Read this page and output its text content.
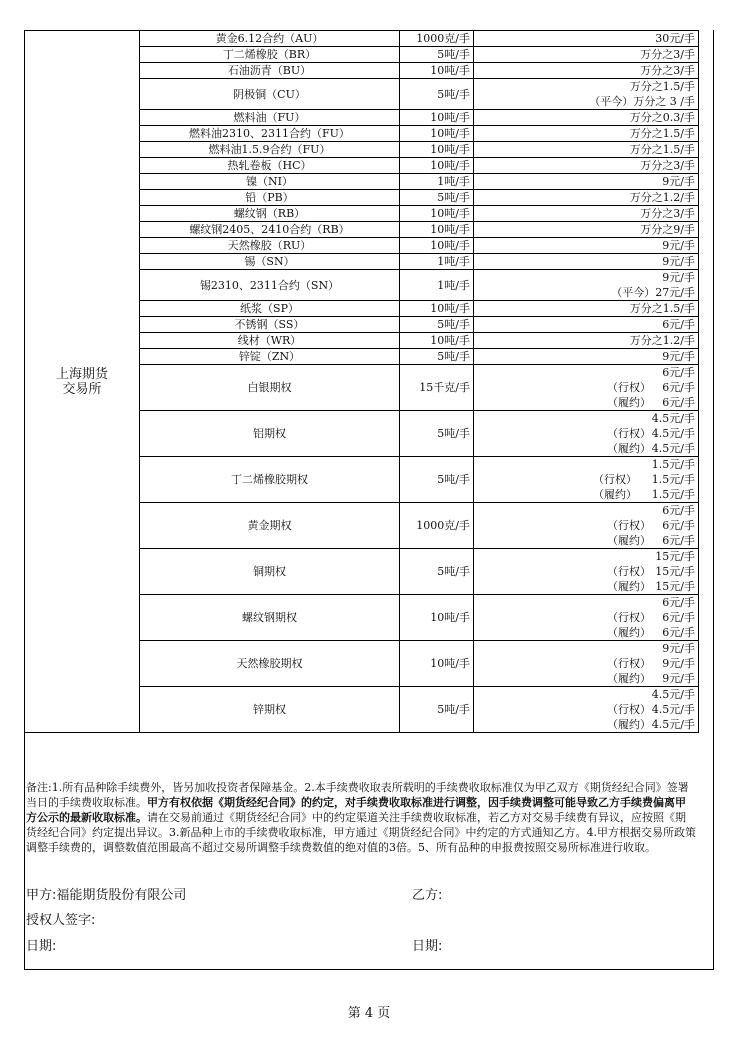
上海期货
交易所	黄金6.12合约（AU）	1000克/手	30元/手

	丁二烯橡胶（BR）	5吨/手	万分之3/手

	石油沥青（BU）	10吨/手	万分之3/手

	阴极铜（CU）	5吨/手	万分之1.5/手
（平今）万分之 3 /手

	燃料油（FU）	10吨/手	万分之0.3/手

	燃料油2310、2311合约（FU）	10吨/手	万分之1.5/手

	燃料油1.5.9合约（FU）	10吨/手	万分之1.5/手

	热轧卷板（HC）	10吨/手	万分之3/手

	镍（NI）	1吨/手	9元/手

	铅（PB）	5吨/手	万分之1.2/手

	螺纹钢（RB）	10吨/手	万分之3/手

	螺纹钢2405、2410合约（RB）	10吨/手	万分之9/手

	天然橡胶（RU）	10吨/手	9元/手

	锡（SN）	1吨/手	9元/手

	锡2310、2311合约（SN）	1吨/手	9元/手
（平今）27元/手

	纸浆（SP）	10吨/手	万分之1.5/手

	不锈钢（SS）	5吨/手	6元/手

	线材（WR）	10吨/手	万分之1.2/手

	锌锭（ZN）	5吨/手	9元/手

	白银期权	15千克/手	6元/手
（行权） 6元/手
（履约） 6元/手

	铝期权	5吨/手	4.5元/手
（行权）4.5元/手
（履约）4.5元/手

	丁二烯橡胶期权	5吨/手	1.5元/手
（行权） 1.5元/手
（履约） 1.5元/手

	黄金期权	1000克/手	6元/手
（行权） 6元/手
（履约） 6元/手

	铜期权	5吨/手	15元/手
（行权） 15元/手
（履约） 15元/手

	螺纹钢期权	10吨/手	6元/手
（行权） 6元/手
（履约） 6元/手

	天然橡胶期权	10吨/手	9元/手
（行权） 9元/手
（履约） 9元/手

	锌期权	5吨/手	4.5元/手
（行权）4.5元/手
（履约）4.5元/手
备注:1.所有品种除手续费外，皆另加收投资者保障基金。2.本手续费收取表所载明的手续费收取标准仅为甲乙双方《期货经纪合同》签署当日的手续费收取标准。甲方有权依据《期货经纪合同》的约定，对手续费收取标准进行调整，因手续费调整可能导致乙方手续费偏离甲方公示的最新收取标准。请在交易前通过《期货经纪合同》中的约定渠道关注手续费收取标准，若乙方对交易手续费有异议，应按照《期货经纪合同》约定提出异议。3.新品种上市的手续费收取标准，甲方通过《期货经纪合同》中约定的方式通知乙方。4.甲方根据交易所政策调整手续费的，调整数值范围最高不超过交易所调整手续费数值的绝对值的3倍。5、所有品种的申报费按照交易所标准进行收取。
甲方:福能期货股份有限公司	乙方:
授权人签字:
日期:	日期:
第 4 页
